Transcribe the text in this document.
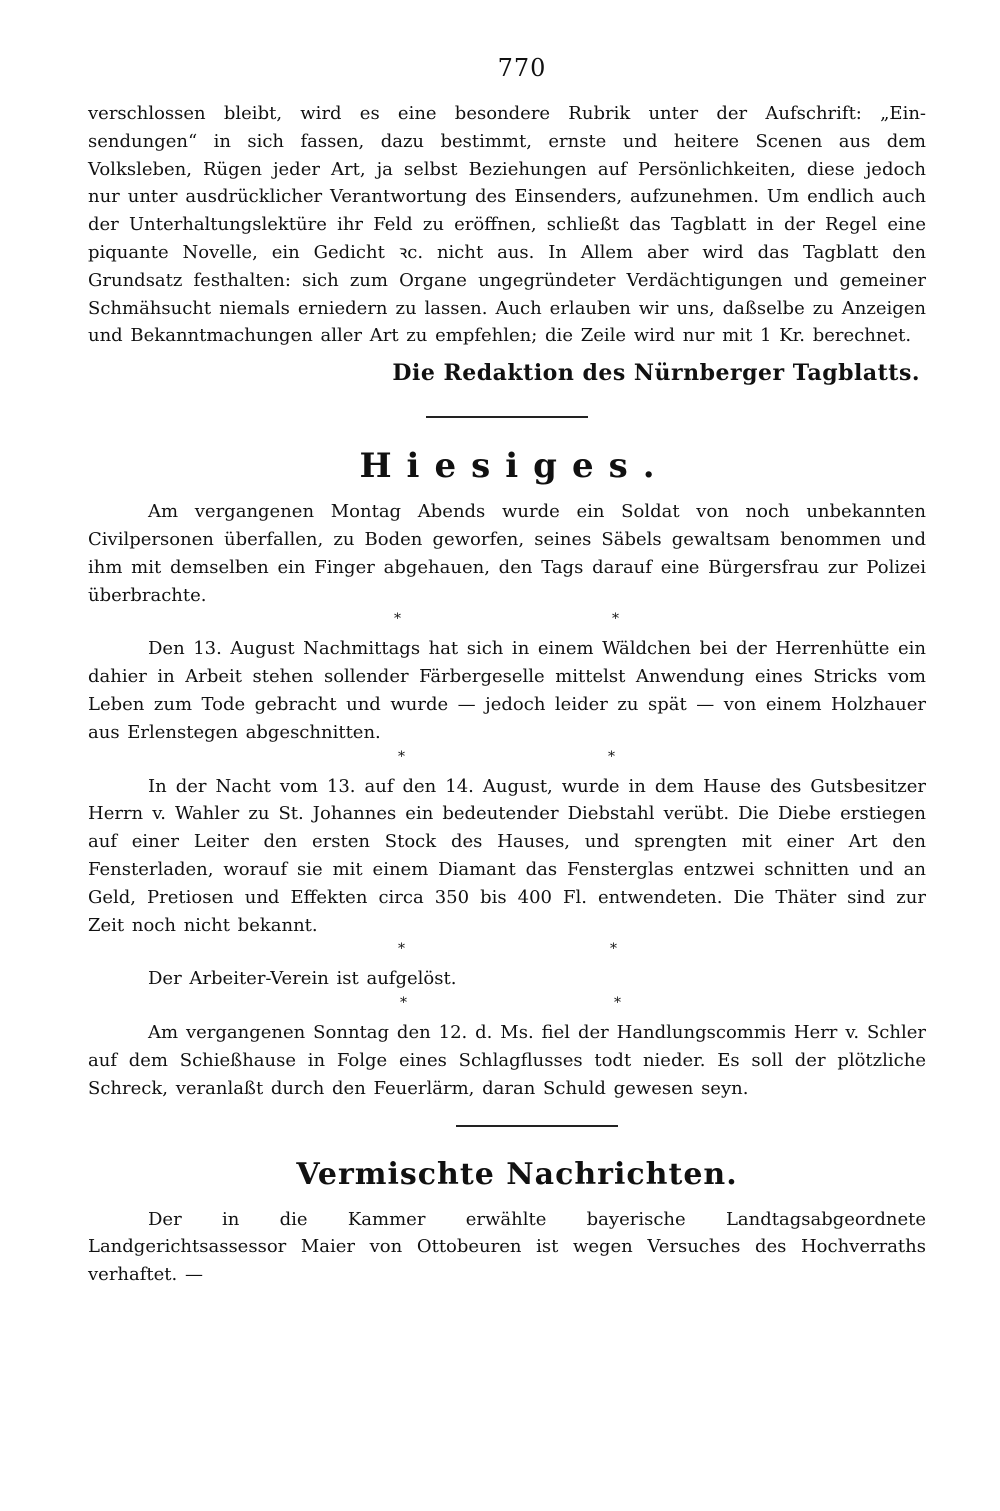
770

verschlossen bleibt, wird es eine besondere Rubrik unter der Aufschrift: „Ein- sendungen“ in sich fassen, dazu bestimmt, ernste und heitere Scenen aus dem Volksleben, Rügen jeder Art, ja selbst Beziehungen auf Persönlichkeiten, diese jedoch nur unter ausdrücklicher Verantwortung des Einsenders, aufzunehmen. Um endlich auch der Unterhaltungslektüre ihr Feld zu eröffnen, schließt das Tagblatt in der Regel eine piquante Novelle, ein Gedicht ꝛc. nicht aus. In Allem aber wird das Tagblatt den Grundsatz festhalten: sich zum Organe ungegründeter Verdächtigungen und gemeiner Schmähsucht niemals erniedern zu lassen. Auch erlauben wir uns, daßselbe zu Anzeigen und Bekanntmachungen aller Art zu empfehlen; die Zeile wird nur mit 1 Kr. berechnet.

Die Redaktion des Nürnberger Tagblatts.
Hiesiges.

Am vergangenen Montag Abends wurde ein Soldat von noch unbekannten Civilpersonen überfallen, zu Boden geworfen, seines Säbels gewaltsam benommen und ihm mit demselben ein Finger abgehauen, den Tags darauf eine Bürgersfrau zur Polizei überbrachte.

*	*

Den 13. August Nachmittags hat sich in einem Wäldchen bei der Herrenhütte ein dahier in Arbeit stehen sollender Färbergeselle mittelst Anwendung eines Stricks vom Leben zum Tode gebracht und wurde — jedoch leider zu spät — von einem Holzhauer aus Erlenstegen abgeschnitten.

*	*

In der Nacht vom 13. auf den 14. August, wurde in dem Hause des Gutsbesitzer Herrn v. Wahler zu St. Johannes ein bedeutender Diebstahl verübt. Die Diebe erstiegen auf einer Leiter den ersten Stock des Hauses, und sprengten mit einer Art den Fensterladen, worauf sie mit einem Diamant das Fensterglas entzwei schnitten und an Geld, Pretiosen und Effekten circa 350 bis 400 Fl. entwendeten. Die Thäter sind zur Zeit noch nicht bekannt.

*	*

Der Arbeiter-Verein ist aufgelöst.

*	*

Am vergangenen Sonntag den 12. d. Ms. fiel der Handlungscommis Herr v. Schler auf dem Schießhause in Folge eines Schlagflusses todt nieder. Es soll der plötzliche Schreck, veranlaßt durch den Feuerlärm, daran Schuld gewesen seyn.

Vermischte Nachrichten.

Der in die Kammer erwählte bayerische Landtagsabgeordnete Landgerichtsassessor Maier von Ottobeuren ist wegen Versuches des Hochverraths verhaftet. —
